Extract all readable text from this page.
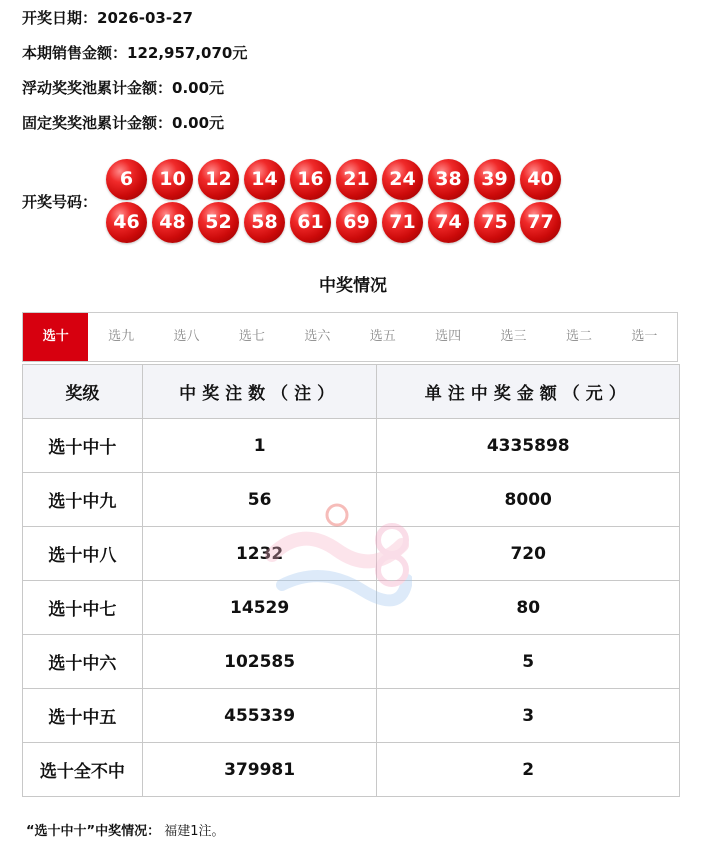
开奖日期：2026-03-27
本期销售金额：122,957,070元
浮动奖奖池累计金额：0.00元
固定奖奖池累计金额：0.00元
开奖号码：
6	10	12	14	16	21	24	38	39	40
46	48	52	58	61	69	71	74	75	77
中奖情况
选十	选九	选八	选七	选六	选五	选四	选三	选二	选一
奖级	中奖注数（注）	单注中奖金额（元）
选十中十	1	4335898
选十中九	56	8000
选十中八	1232	720
选十中七	14529	80
选十中六	102585	5
选十中五	455339	3
选十全不中	379981	2
“选十中十”中奖情况： 福建1注。
